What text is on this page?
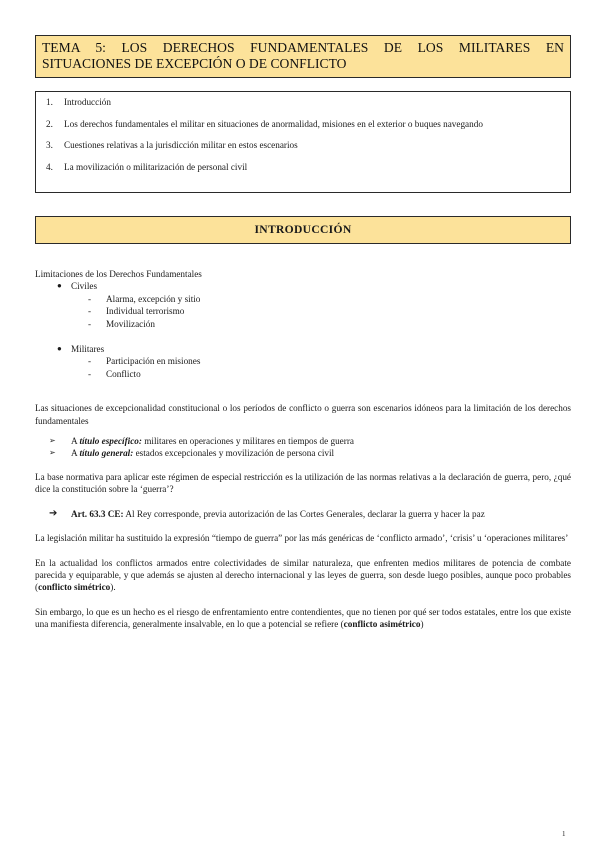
TEMA 5: LOS DERECHOS FUNDAMENTALES DE LOS MILITARES EN
SITUACIONES DE EXCEPCIÓN O DE CONFLICTO
1.	Introducción
2.	Los derechos fundamentales el militar en situaciones de anormalidad, misiones en el exterior o buques navegando
3.	Cuestiones relativas a la jurisdicción militar en estos escenarios
4.	La movilización o militarización de personal civil
INTRODUCCIÓN
Limitaciones de los Derechos Fundamentales
● Civiles
-	Alarma, excepción y sitio
-	Individual terrorismo
-	Movilización
● Militares
-	Participación en misiones
-	Conflicto
Las situaciones de excepcionalidad constitucional o los períodos de conflicto o guerra son escenarios idóneos para la limitación de los derechos fundamentales
➢	A título específico: militares en operaciones y militares en tiempos de guerra
➢	A título general: estados excepcionales y movilización de persona civil
La base normativa para aplicar este régimen de especial restricción es la utilización de las normas relativas a la declaración de guerra, pero, ¿qué dice la constitución sobre la ‘guerra’?
➔	Art. 63.3 CE: Al Rey corresponde, previa autorización de las Cortes Generales, declarar la guerra y hacer la paz
La legislación militar ha sustituido la expresión “tiempo de guerra” por las más genéricas de ‘conflicto armado’, ‘crisis’ u ‘operaciones militares’
En la actualidad los conflictos armados entre colectividades de similar naturaleza, que enfrenten medios militares de potencia de combate parecida y equiparable, y que además se ajusten al derecho internacional y las leyes de guerra, son desde luego posibles, aunque poco probables (conflicto simétrico).
Sin embargo, lo que es un hecho es el riesgo de enfrentamiento entre contendientes, que no tienen por qué ser todos estatales, entre los que existe una manifiesta diferencia, generalmente insalvable, en lo que a potencial se refiere (conflicto asimétrico)
1
